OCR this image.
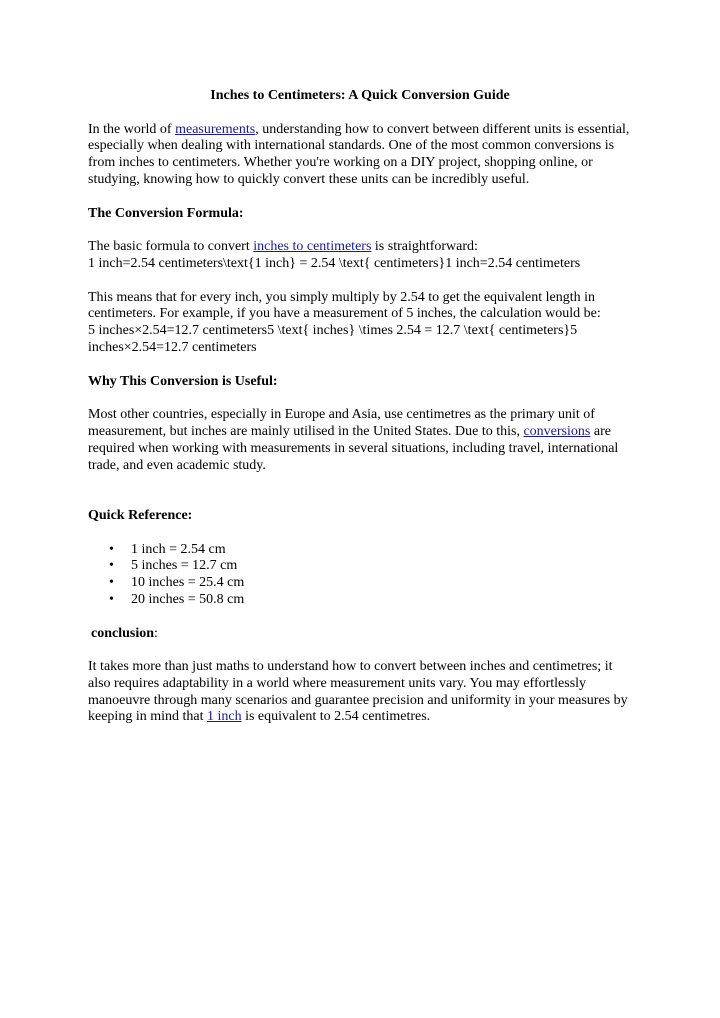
Inches to Centimeters: A Quick Conversion Guide

In the world of measurements, understanding how to convert between different units is essential, especially when dealing with international standards. One of the most common conversions is from inches to centimeters. Whether you're working on a DIY project, shopping online, or studying, knowing how to quickly convert these units can be incredibly useful.

The Conversion Formula:

The basic formula to convert inches to centimeters is straightforward:
1 inch=2.54 centimeters\text{1 inch} = 2.54 \text{ centimeters}1 inch=2.54 centimeters

This means that for every inch, you simply multiply by 2.54 to get the equivalent length in centimeters. For example, if you have a measurement of 5 inches, the calculation would be:
5 inches×2.54=12.7 centimeters5 \text{ inches} \times 2.54 = 12.7 \text{ centimeters}5 inches×2.54=12.7 centimeters

Why This Conversion is Useful:

Most other countries, especially in Europe and Asia, use centimetres as the primary unit of measurement, but inches are mainly utilised in the United States. Due to this, conversions are required when working with measurements in several situations, including travel, international trade, and even academic study.

Quick Reference:
• 1 inch = 2.54 cm
• 5 inches = 12.7 cm
• 10 inches = 25.4 cm
• 20 inches = 50.8 cm
conclusion:

It takes more than just maths to understand how to convert between inches and centimetres; it also requires adaptability in a world where measurement units vary. You may effortlessly manoeuvre through many scenarios and guarantee precision and uniformity in your measures by keeping in mind that 1 inch is equivalent to 2.54 centimetres.
